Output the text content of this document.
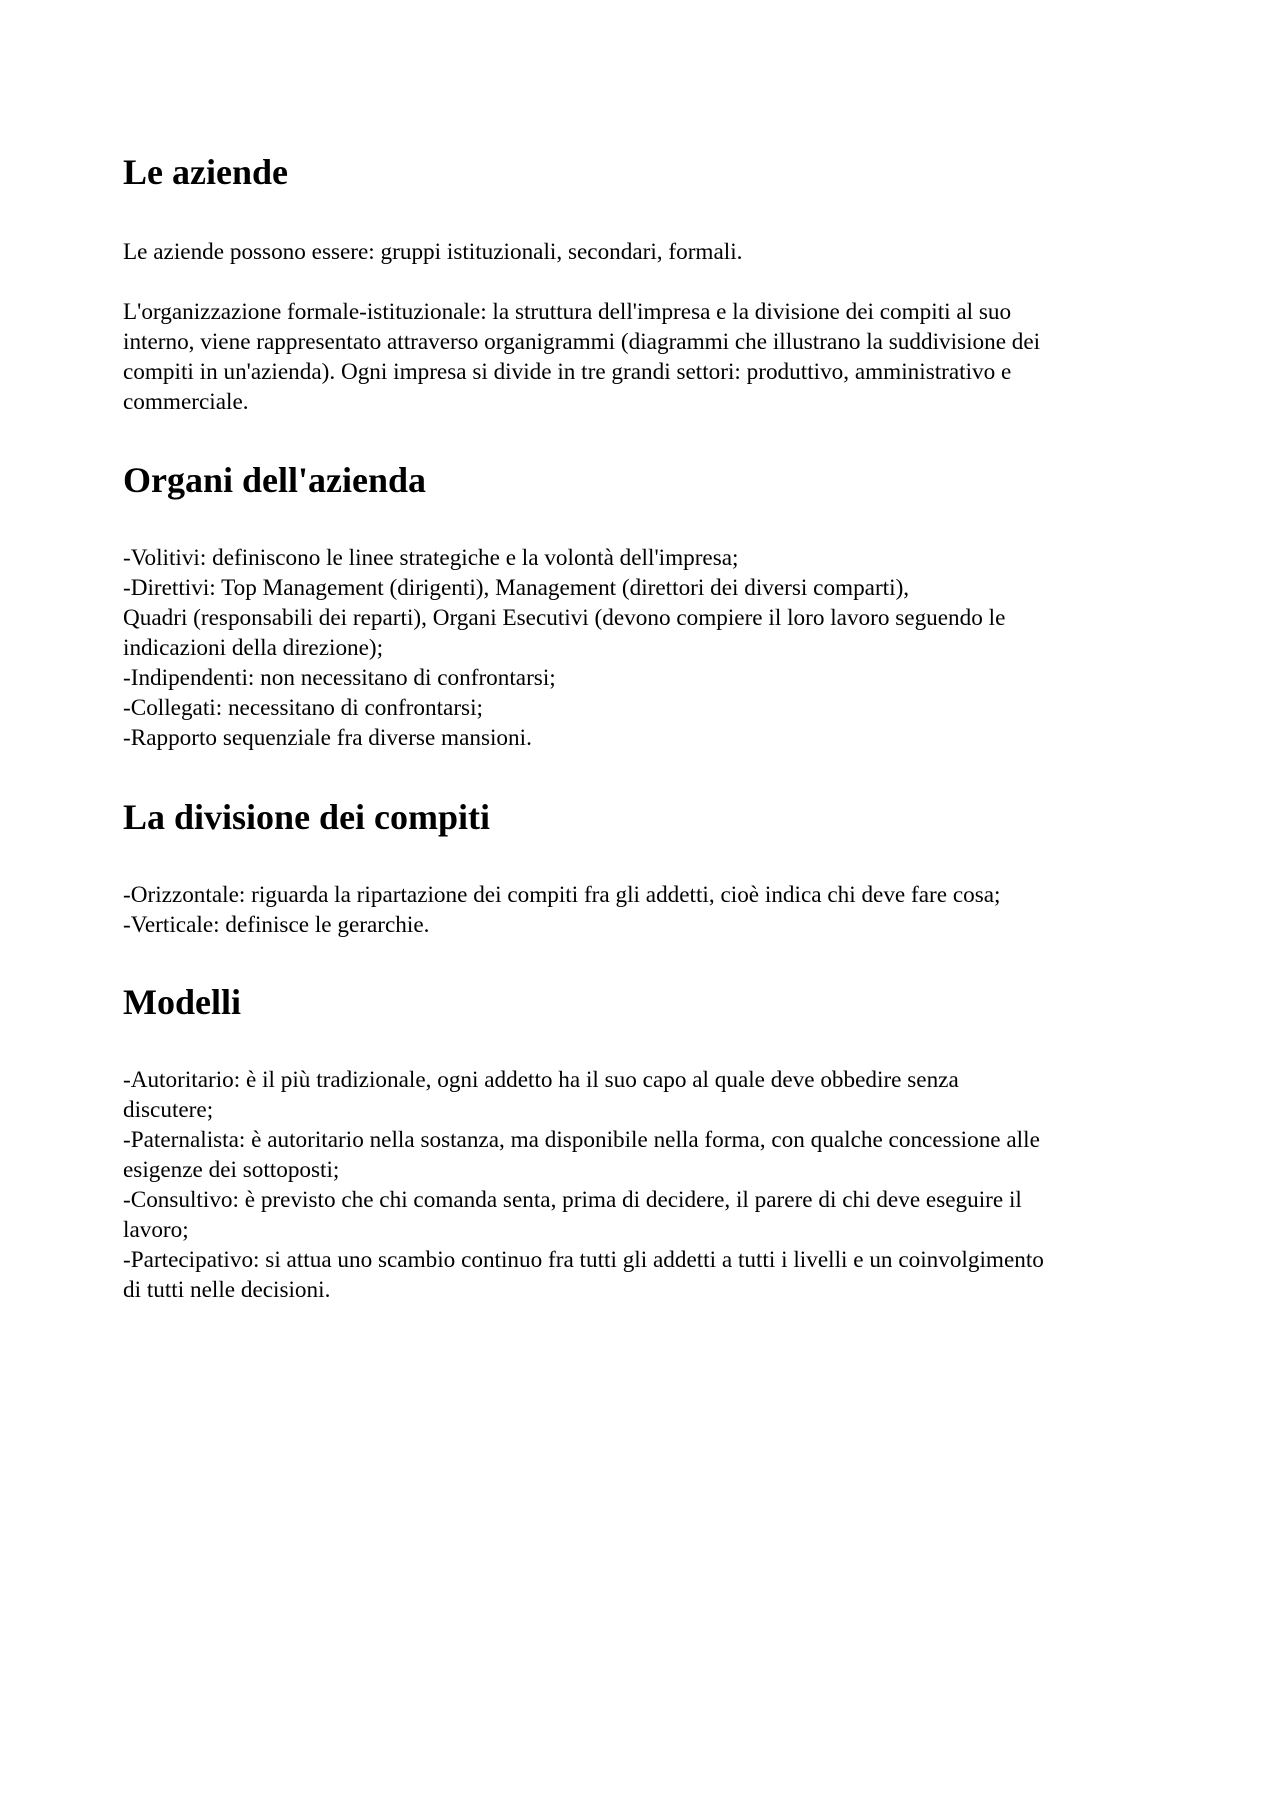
Le aziende

Le aziende possono essere: gruppi istituzionali, secondari, formali.

L'organizzazione formale-istituzionale: la struttura dell'impresa e la divisione dei compiti al suo
interno, viene rappresentato attraverso organigrammi (diagrammi che illustrano la suddivisione dei
compiti in un'azienda). Ogni impresa si divide in tre grandi settori: produttivo, amministrativo e
commerciale.

Organi dell'azienda

-Volitivi: definiscono le linee strategiche e la volontà dell'impresa;
-Direttivi: Top Management (dirigenti), Management (direttori dei diversi comparti),
Quadri (responsabili dei reparti), Organi Esecutivi (devono compiere il loro lavoro seguendo le
indicazioni della direzione);
-Indipendenti: non necessitano di confrontarsi;
-Collegati: necessitano di confrontarsi;
-Rapporto sequenziale fra diverse mansioni.

La divisione dei compiti

-Orizzontale: riguarda la ripartazione dei compiti fra gli addetti, cioè indica chi deve fare cosa;
-Verticale: definisce le gerarchie.

Modelli

-Autoritario: è il più tradizionale, ogni addetto ha il suo capo al quale deve obbedire senza
discutere;
-Paternalista: è autoritario nella sostanza, ma disponibile nella forma, con qualche concessione alle
esigenze dei sottoposti;
-Consultivo: è previsto che chi comanda senta, prima di decidere, il parere di chi deve eseguire il
lavoro;
-Partecipativo: si attua uno scambio continuo fra tutti gli addetti a tutti i livelli e un coinvolgimento
di tutti nelle decisioni.
